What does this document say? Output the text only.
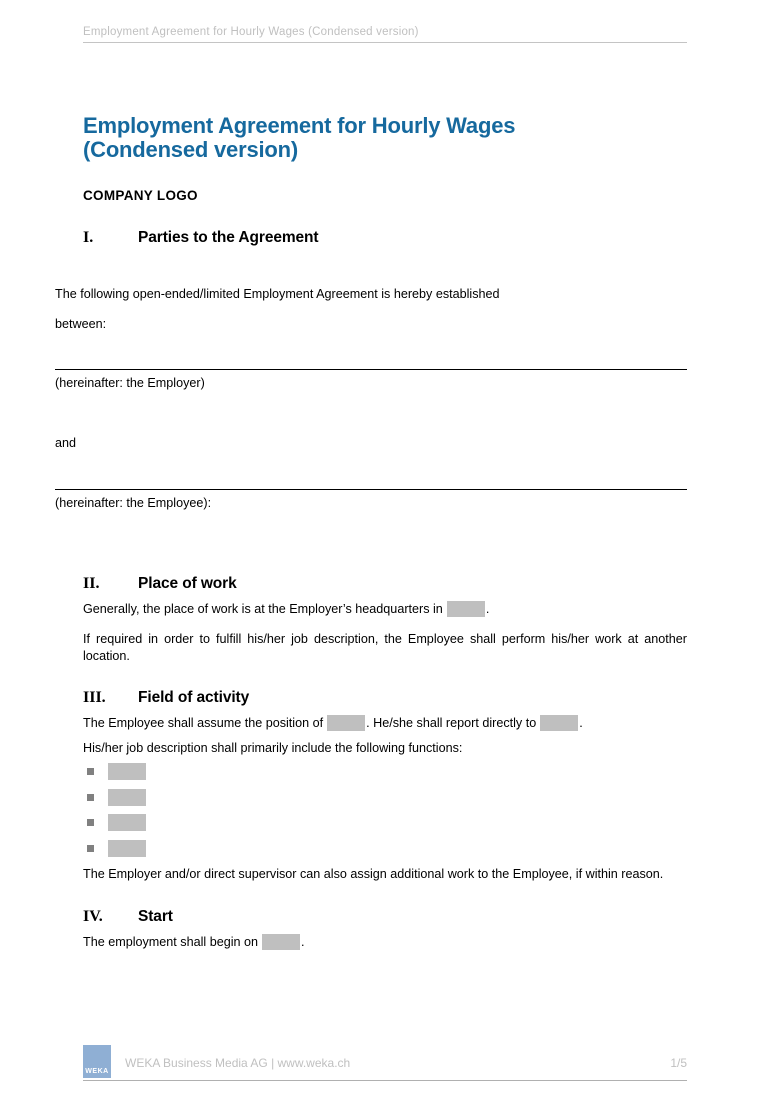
Employment Agreement for Hourly Wages (Condensed version)
Employment Agreement for Hourly Wages
(Condensed version)
COMPANY LOGO
I.	Parties to the Agreement
The following open-ended/limited Employment Agreement is hereby established
between:
(hereinafter: the Employer)
and
(hereinafter: the Employee):
II.	Place of work
Generally, the place of work is at the Employer’s headquarters in	.
If required in order to fulfill his/her job description, the Employee shall perform his/her work at another location.
III.	Field of activity
The Employee shall assume the position of	. He/she shall report directly to	.
His/her job description shall primarily include the following functions:
The Employer and/or direct supervisor can also assign additional work to the Employee, if within reason.
IV.	Start
The employment shall begin on	.
WEKA
WEKA Business Media AG | www.weka.ch	1/5
